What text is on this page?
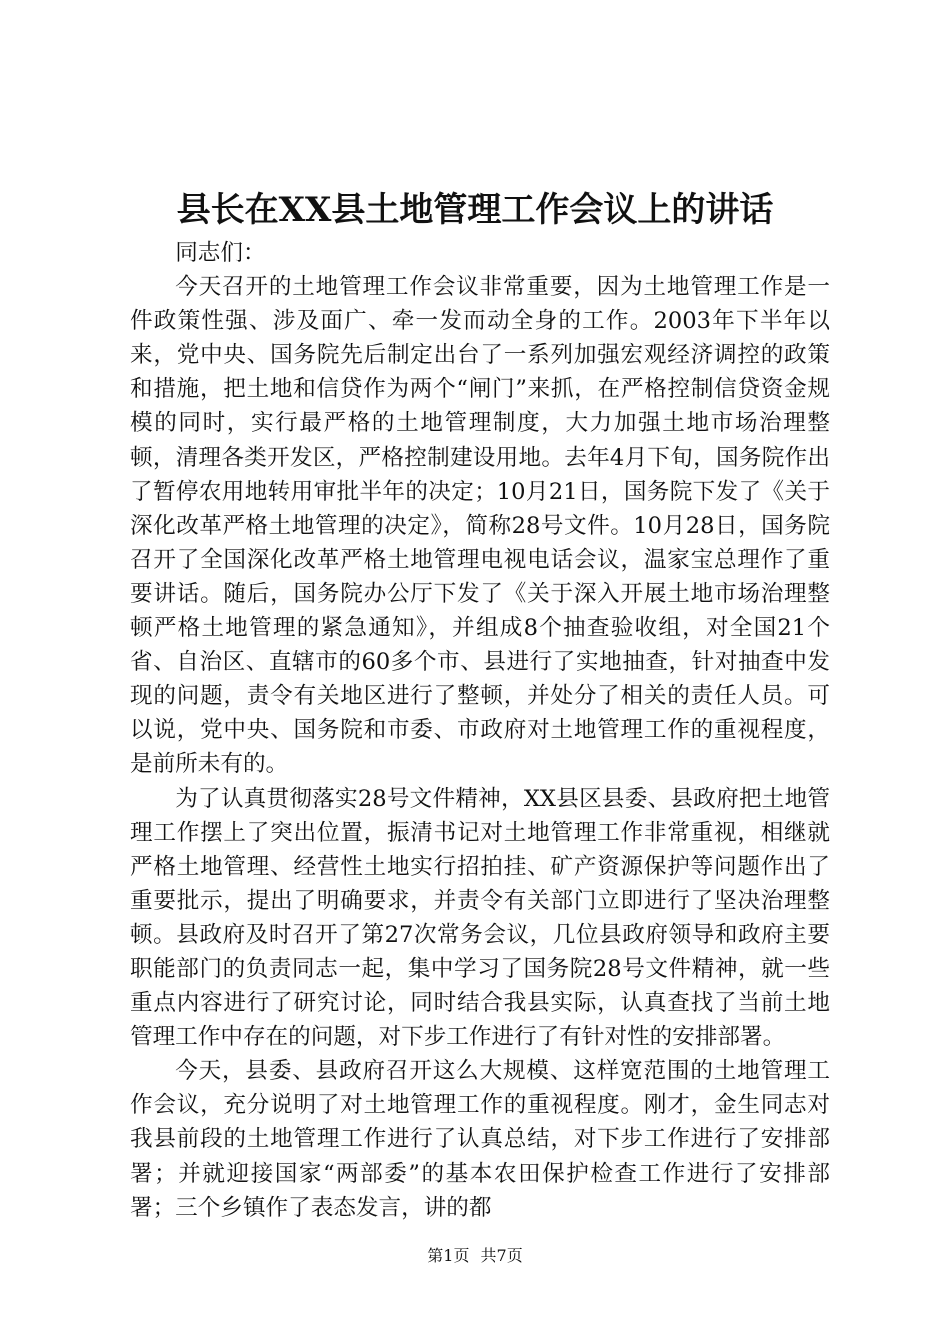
县长在XX县土地管理工作会议上的讲话

同志们：

今天召开的土地管理工作会议非常重要，因为土地管理工作是一件政策性强、涉及面广、牵一发而动全身的工作。2003年下半年以来，党中央、国务院先后制定出台了一系列加强宏观经济调控的政策和措施，把土地和信贷作为两个“闸门”来抓，在严格控制信贷资金规模的同时，实行最严格的土地管理制度，大力加强土地市场治理整顿，清理各类开发区，严格控制建设用地。去年4月下旬，国务院作出了暂停农用地转用审批半年的决定；10月21日，国务院下发了《关于深化改革严格土地管理的决定》，简称28号文件。10月28日，国务院召开了全国深化改革严格土地管理电视电话会议，温家宝总理作了重要讲话。随后，国务院办公厅下发了《关于深入开展土地市场治理整顿严格土地管理的紧急通知》，并组成8个抽查验收组，对全国21个省、自治区、直辖市的60多个市、县进行了实地抽查，针对抽查中发现的问题，责令有关地区进行了整顿，并处分了相关的责任人员。可以说，党中央、国务院和市委、市政府对土地管理工作的重视程度，是前所未有的。

为了认真贯彻落实28号文件精神，XX县区县委、县政府把土地管理工作摆上了突出位置，振清书记对土地管理工作非常重视，相继就严格土地管理、经营性土地实行招拍挂、矿产资源保护等问题作出了重要批示，提出了明确要求，并责令有关部门立即进行了坚决治理整顿。县政府及时召开了第27次常务会议，几位县政府领导和政府主要职能部门的负责同志一起，集中学习了国务院28号文件精神，就一些重点内容进行了研究讨论，同时结合我县实际，认真查找了当前土地管理工作中存在的问题，对下步工作进行了有针对性的安排部署。

今天，县委、县政府召开这么大规模、这样宽范围的土地管理工作会议，充分说明了对土地管理工作的重视程度。刚才，金生同志对我县前段的土地管理工作进行了认真总结，对下步工作进行了安排部署；并就迎接国家“两部委”的基本农田保护检查工作进行了安排部署；三个乡镇作了表态发言，讲的都

第1页 共7页
